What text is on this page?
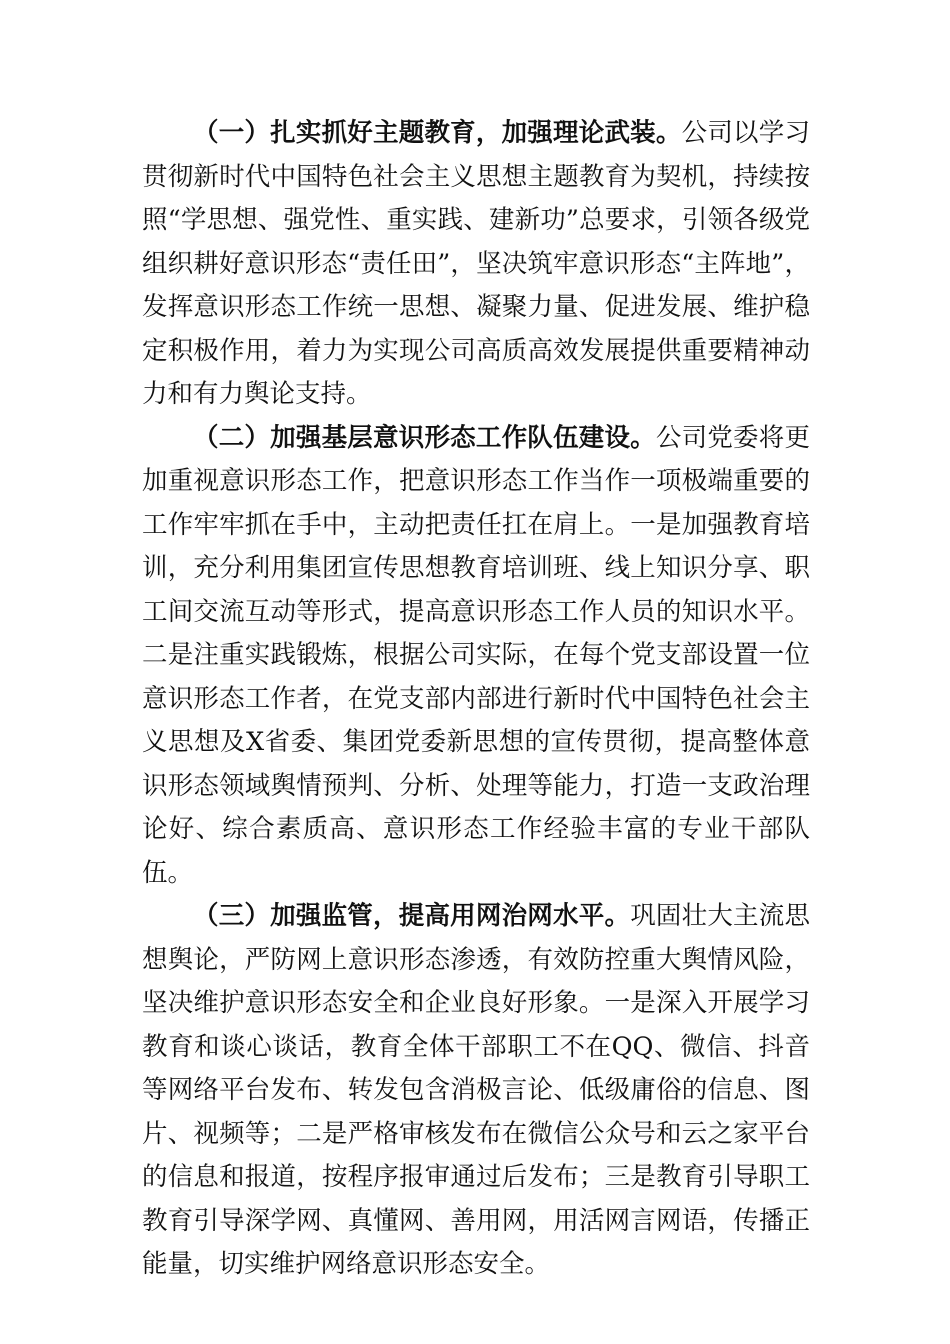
（一）扎实抓好主题教育，加强理论武装。公司以学习贯彻新时代中国特色社会主义思想主题教育为契机，持续按照“学思想、强党性、重实践、建新功”总要求，引领各级党组织耕好意识形态“责任田”，坚决筑牢意识形态“主阵地”，发挥意识形态工作统一思想、凝聚力量、促进发展、维护稳定积极作用，着力为实现公司高质高效发展提供重要精神动力和有力舆论支持。

（二）加强基层意识形态工作队伍建设。公司党委将更加重视意识形态工作，把意识形态工作当作一项极端重要的工作牢牢抓在手中，主动把责任扛在肩上。一是加强教育培训，充分利用集团宣传思想教育培训班、线上知识分享、职工间交流互动等形式，提高意识形态工作人员的知识水平。二是注重实践锻炼，根据公司实际，在每个党支部设置一位意识形态工作者，在党支部内部进行新时代中国特色社会主义思想及X省委、集团党委新思想的宣传贯彻，提高整体意识形态领域舆情预判、分析、处理等能力，打造一支政治理论好、综合素质高、意识形态工作经验丰富的专业干部队伍。

（三）加强监管，提高用网治网水平。巩固壮大主流思想舆论，严防网上意识形态渗透，有效防控重大舆情风险，坚决维护意识形态安全和企业良好形象。一是深入开展学习教育和谈心谈话，教育全体干部职工不在QQ、微信、抖音等网络平台发布、转发包含消极言论、低级庸俗的信息、图片、视频等；二是严格审核发布在微信公众号和云之家平台的信息和报道，按程序报审通过后发布；三是教育引导职工教育引导深学网、真懂网、善用网，用活网言网语，传播正能量，切实维护网络意识形态安全。
